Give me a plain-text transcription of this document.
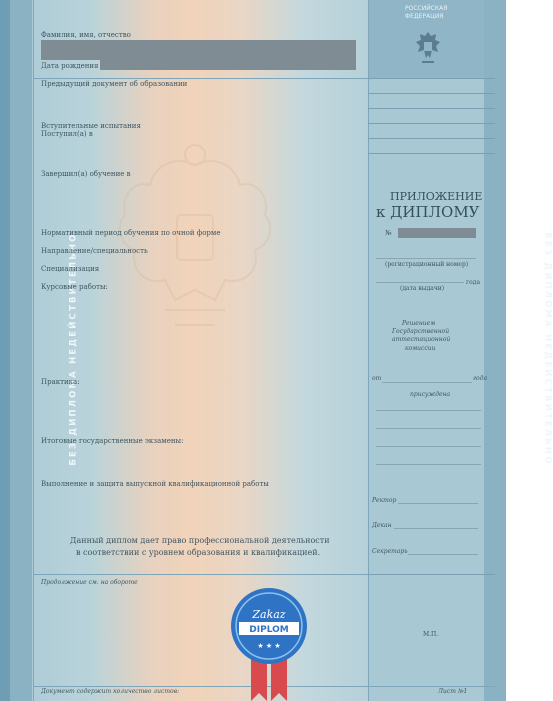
БЕЗ ДИПЛОМА НЕДЕЙСТВИТЕЛЬНО	БЕЗ ДИПЛОМА НЕДЕЙСТВИТЕЛЬНО
РОССИЙСКАЯ
ФЕДЕРАЦИЯ
Фамилия, имя, отчество
Дата рождения
Предыдущий документ об образовании
Вступительные испытания
Поступил(а) в
Завершил(а) обучение в
Нормативный период обучения по очной форме
Направление/специальность
Специализация
Курсовые работы:
Практика:
Итоговые государственные экзамены:
Выполнение и защита выпускной квалификационной работы
Данный диплом дает право профессиональной деятельности
в соответствии с уровнем образования и квалификацией.
Продолжение см. на обороте
Документ содержит количество листов:	Лист №1
ПРИЛОЖЕНИЕ
к ДИПЛОМУ
№
(регистрационный номер)
(дата выдачи)
года
Решением
Государственной
аттестационной
комиссии
от	года
присуждена
Ректор
Декан
Секретарь
М.П.
Zakaz
DIPLOM
★ ★ ★
